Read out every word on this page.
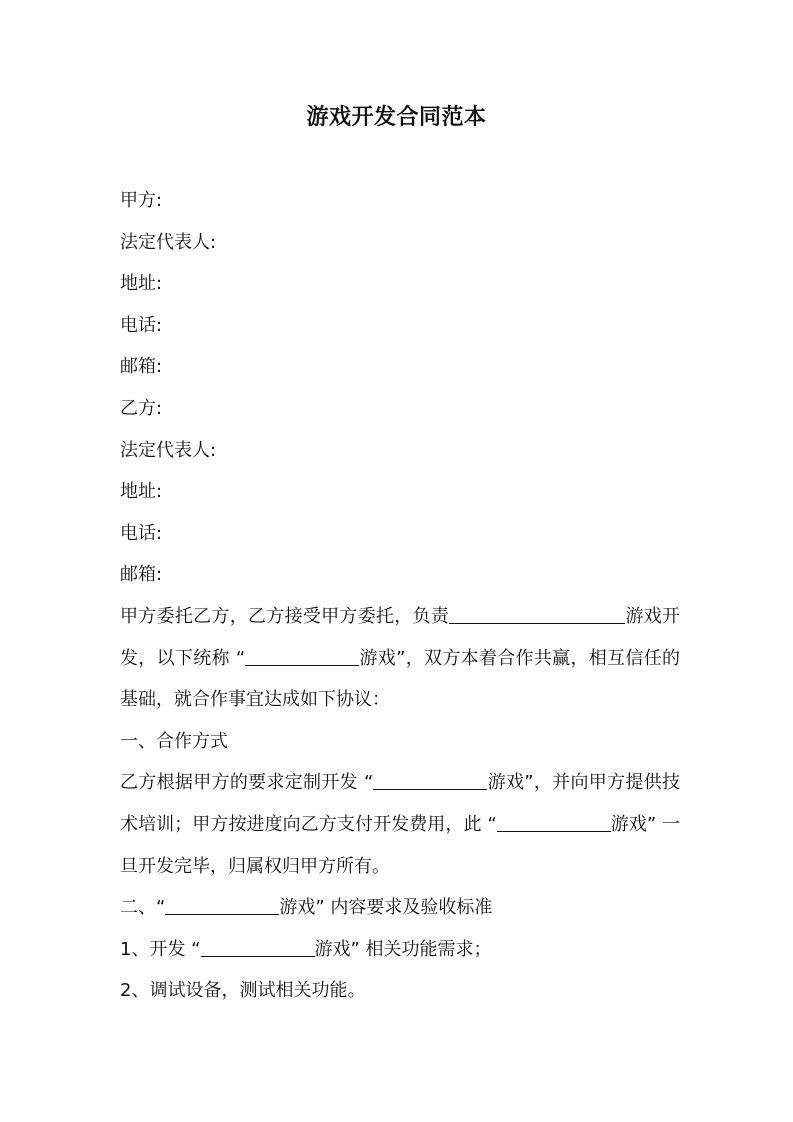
游戏开发合同范本
甲方:
法定代表人:
地址:
电话:
邮箱:
乙方:
法定代表人:
地址:
电话:
邮箱:
甲方委托乙方，乙方接受甲方委托，负责	游戏开发，以下统称 “	游戏”，双方本着合作共赢，相互信任的基础，就合作事宜达成如下协议：
一、合作方式
乙方根据甲方的要求定制开发 “	游戏”，并向甲方提供技术培训；甲方按进度向乙方支付开发费用，此 “	游戏” 一旦开发完毕，归属权归甲方所有。
二、“	游戏” 内容要求及验收标准
1、开发 “	游戏” 相关功能需求；
2、调试设备，测试相关功能。
